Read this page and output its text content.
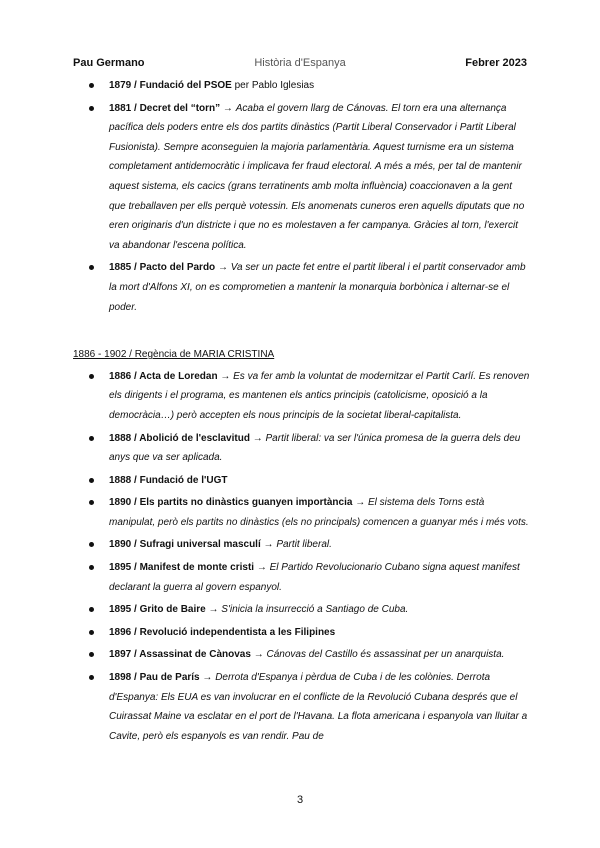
Pau Germano	Història d'Espanya	Febrer 2023
1879 / Fundació del PSOE per Pablo Iglesias
1881 / Decret del “torn” → Acaba el govern llarg de Cánovas. El torn era una alternança pacífica dels poders entre els dos partits dinàstics (Partit Liberal Conservador i Partit Liberal Fusionista). Sempre aconseguien la majoria parlamentària. Aquest turnisme era un sistema completament antidemocràtic i implicava fer fraud electoral. A més a més, per tal de mantenir aquest sistema, els cacics (grans terratinents amb molta influència) coaccionaven a la gent que treballaven per ells perquè votessin. Els anomenats cuneros eren aquells diputats que no eren originaris d'un districte i que no es molestaven a fer campanya. Gràcies al torn, l'exercit va abandonar l'escena política.
1885 / Pacto del Pardo → Va ser un pacte fet entre el partit liberal i el partit conservador amb la mort d'Alfons XI, on es comprometien a mantenir la monarquia borbònica i alternar-se el poder.
1886 - 1902 / Regència de MARIA CRISTINA
1886 / Acta de Loredan → Es va fer amb la voluntat de modernitzar el Partit Carlí. Es renoven els dirigents i el programa, es mantenen els antics principis (catolicisme, oposició a la democràcia…) però accepten els nous principis de la societat liberal-capitalista.
1888 / Abolició de l'esclavitud → Partit liberal: va ser l'única promesa de la guerra dels deu anys que va ser aplicada.
1888 / Fundació de l'UGT
1890 / Els partits no dinàstics guanyen importància → El sistema dels Torns està manipulat, però els partits no dinàstics (els no principals) comencen a guanyar més i més vots.
1890 / Sufragi universal masculí → Partit liberal.
1895 / Manifest de monte cristi → El Partido Revolucionario Cubano signa aquest manifest declarant la guerra al govern espanyol.
1895 / Grito de Baire → S'inicia la insurrecció a Santiago de Cuba.
1896 / Revolució independentista a les Filipines
1897 / Assassinat de Cànovas → Cánovas del Castillo és assassinat per un anarquista.
1898 / Pau de París → Derrota d'Espanya i pèrdua de Cuba i de les colònies. Derrota d'Espanya: Els EUA es van involucrar en el conflicte de la Revolució Cubana després que el Cuirassat Maine va esclatar en el port de l'Havana. La flota americana i espanyola van lluitar a Cavite, però els espanyols es van rendir. Pau de
3
